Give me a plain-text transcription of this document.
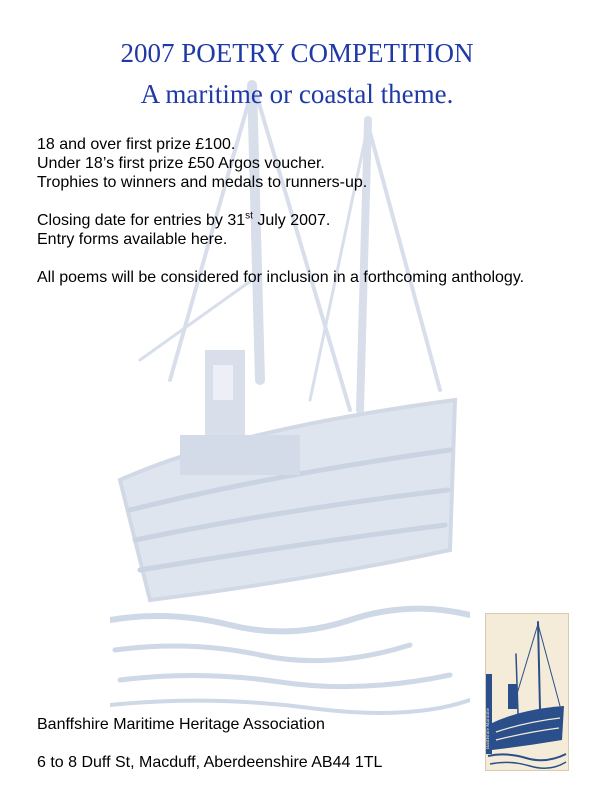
2007 POETRY COMPETITION
A maritime or coastal theme.

18 and over first prize £100.

Under 18’s first prize £50 Argos voucher.

Trophies to winners and medals to runners-up.

Closing date for entries by 31st July 2007.

Entry forms available here.

All poems will be considered for inclusion in a forthcoming anthology.

Banffshire Maritime Heritage Association
6 to 8 Duff St, Macduff, Aberdeenshire AB44 1TL
Banffshire Maritime
